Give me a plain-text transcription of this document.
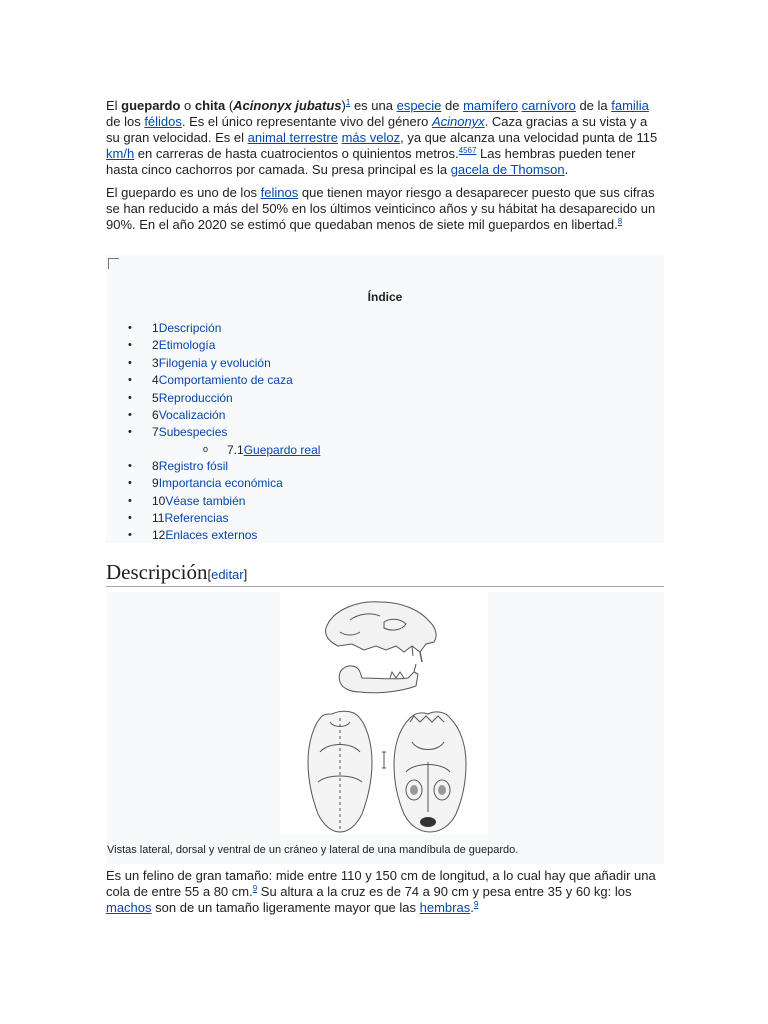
El guepardo o chita (Acinonyx jubatus)$^1$ es una especie de mamífero carnívoro de la familia de los félidos. Es el único representante vivo del género Acinonyx. Caza gracias a su vista y a su gran velocidad. Es el animal terrestre más veloz, ya que alcanza una velocidad punta de 115 km/h en carreras de hasta cuatrocientos o quinientos metros.$^{4567}$ Las hembras pueden tener hasta cinco cachorros por camada. Su presa principal es la gacela de Thomson.

El guepardo es uno de los felinos que tienen mayor riesgo a desaparecer puesto que sus cifras se han reducido a más del 50% en los últimos veinticinco años y su hábitat ha desaparecido un 90%. En el año 2020 se estimó que quedaban menos de siete mil guepardos en libertad.$^8$

Índice
• 1Descripción
• 2Etimología
• 3Filogenia y evolución
• 4Comportamiento de caza
• 5Reproducción
• 6Vocalización
• 7Subespecies
o 7.1Guepardo real
• 8Registro fósil
• 9Importancia económica
• 10Véase también
• 11Referencias
• 12Enlaces externos
Descripción[editar]
Vistas lateral, dorsal y ventral de un cráneo y lateral de una mandíbula de guepardo.

Es un felino de gran tamaño: mide entre 110 y 150 cm de longitud, a lo cual hay que añadir una cola de entre 55 a 80 cm.$^9$ Su altura a la cruz es de 74 a 90 cm y pesa entre 35 y 60 kg: los machos son de un tamaño ligeramente mayor que las hembras.$^9$
